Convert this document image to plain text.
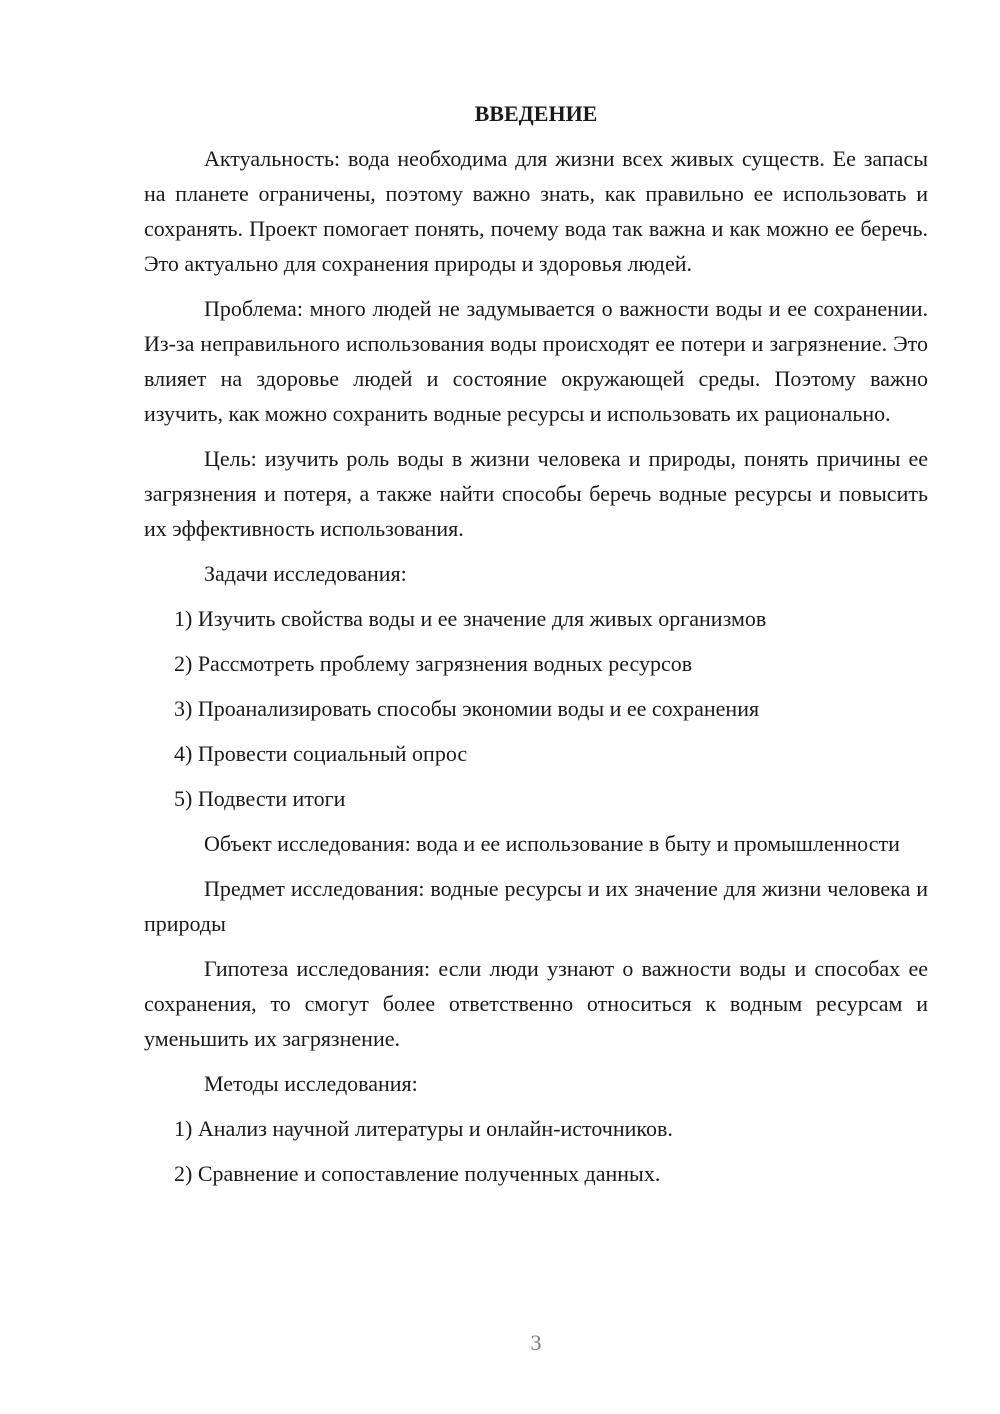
ВВЕДЕНИЕ

Актуальность: вода необходима для жизни всех живых существ. Ее запасы на планете ограничены, поэтому важно знать, как правильно ее использовать и сохранять. Проект помогает понять, почему вода так важна и как можно ее беречь. Это актуально для сохранения природы и здоровья людей.

Проблема: много людей не задумывается о важности воды и ее сохранении. Из-за неправильного использования воды происходят ее потери и загрязнение. Это влияет на здоровье людей и состояние окружающей среды. Поэтому важно изучить, как можно сохранить водные ресурсы и использовать их рационально.

Цель: изучить роль воды в жизни человека и природы, понять причины ее загрязнения и потеря, а также найти способы беречь водные ресурсы и повысить их эффективность использования.

Задачи исследования:

1) Изучить свойства воды и ее значение для живых организмов
2) Рассмотреть проблему загрязнения водных ресурсов
3) Проанализировать способы экономии воды и ее сохранения
4) Провести социальный опрос
5) Подвести итоги

Объект исследования: вода и ее использование в быту и промышленности

Предмет исследования: водные ресурсы и их значение для жизни человека и природы

Гипотеза исследования: если люди узнают о важности воды и способах ее сохранения, то смогут более ответственно относиться к водным ресурсам и уменьшить их загрязнение.

Методы исследования:

1) Анализ научной литературы и онлайн-источников.
2) Сравнение и сопоставление полученных данных.
3
